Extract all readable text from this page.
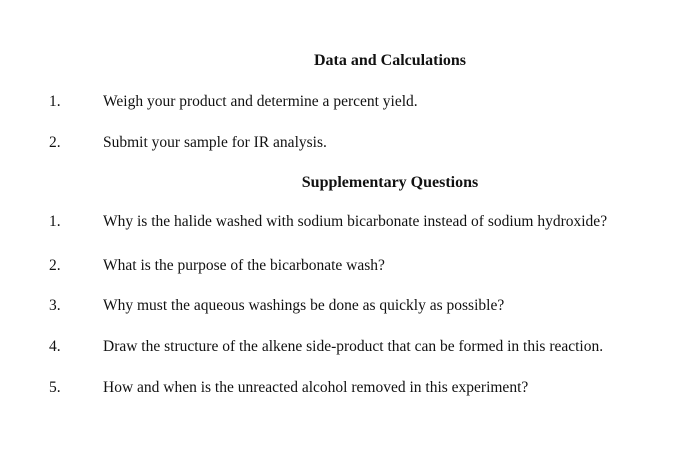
Data and Calculations
1.	Weigh your product and determine a percent yield.
2.	Submit your sample for IR analysis.
Supplementary Questions
1.	Why is the halide washed with sodium bicarbonate instead of sodium hydroxide?
2.	What is the purpose of the bicarbonate wash?
3.	Why must the aqueous washings be done as quickly as possible?
4.	Draw the structure of the alkene side-product that can be formed in this reaction.
5.	How and when is the unreacted alcohol removed in this experiment?
